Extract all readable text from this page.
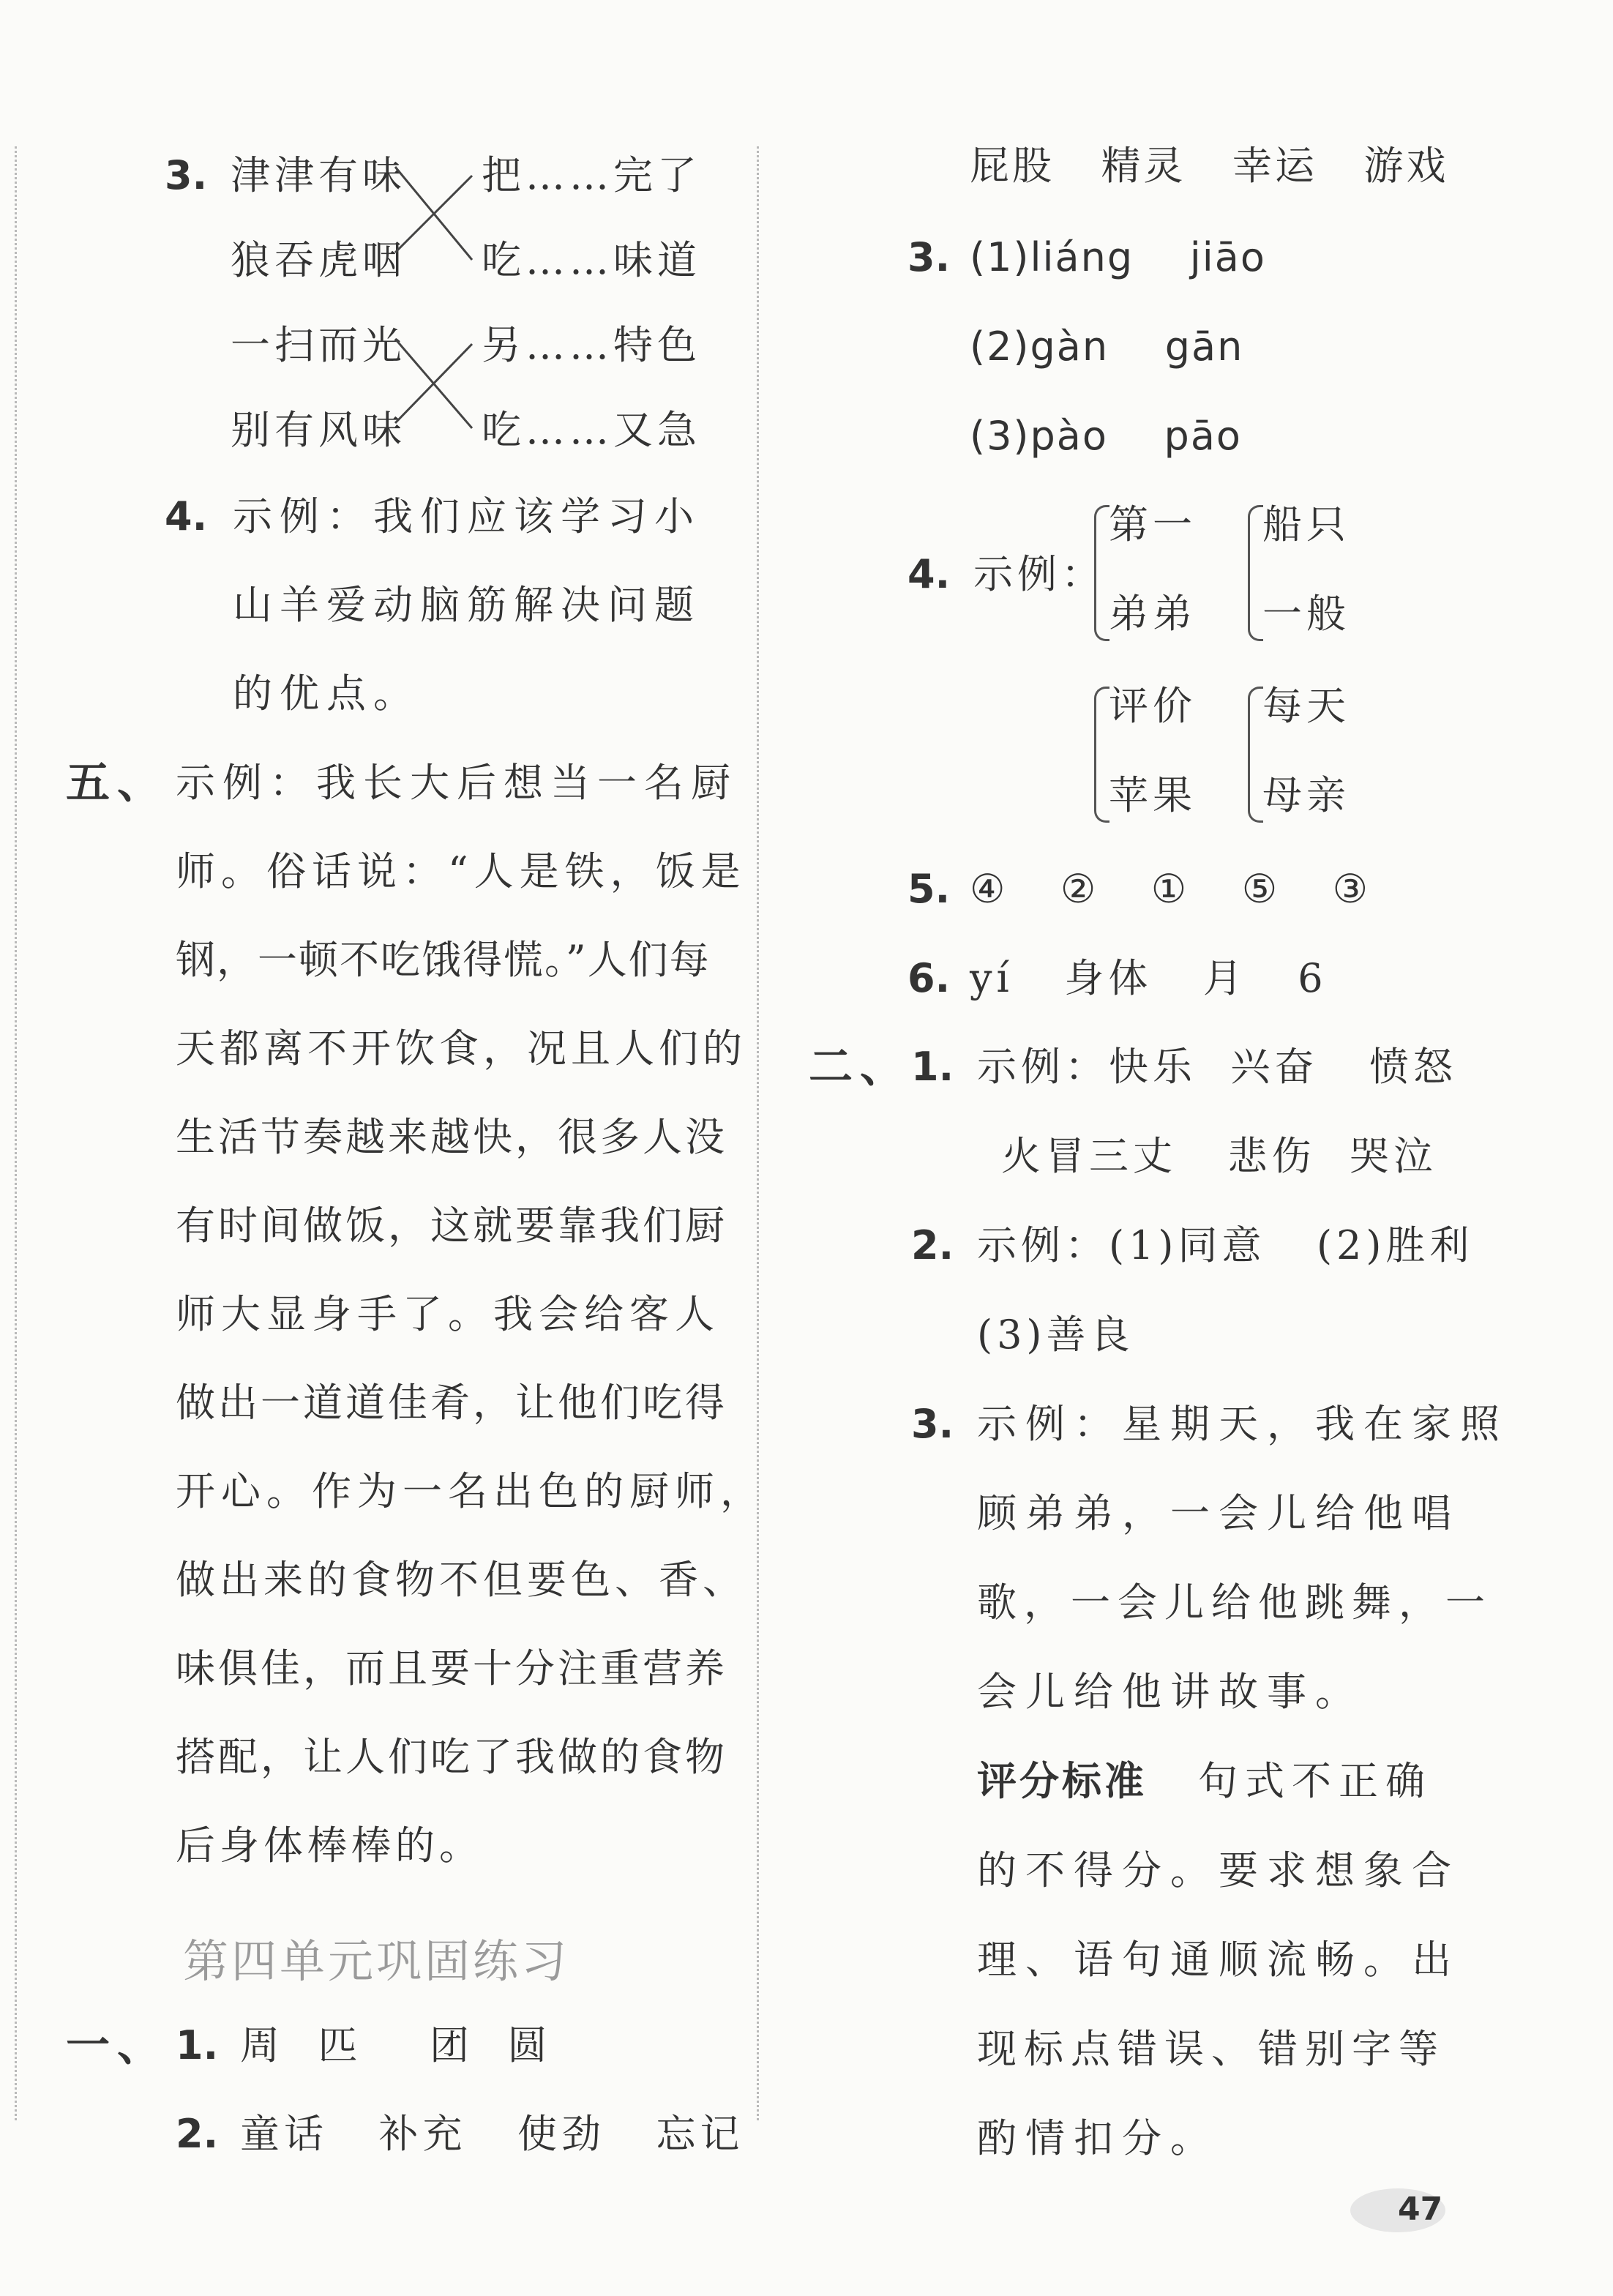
3. 津津有味
狼吞虎咽
一扫而光
别有风味
把……完了
吃……味道
另……特色
吃……又急
4. 示例：我们应该学习小
山羊爱动脑筋解决问题
的优点。
五、 示例：我长大后想当一名厨
师。俗话说：“人是铁，饭是
钢，一顿不吃饿得慌。”人们每
天都离不开饮食，况且人们的
生活节奏越来越快，很多人没
有时间做饭，这就要靠我们厨
师大显身手了。我会给客人
做出一道道佳肴，让他们吃得
开心。作为一名出色的厨师，
做出来的食物不但要色、香、
味俱佳，而且要十分注重营养
搭配，让人们吃了我做的食物
后身体棒棒的。
第四单元巩固练习
一、 1. 周  匹    团  圆
2. 童话   补充   使劲   忘记
屁股   精灵   幸运   游戏
3. (1)liáng    jiāo
(2)gàn    gān
(3)pào    pāo
4. 示例：
第一
弟弟
船只
一般
评价
苹果
每天
母亲
5. ④   ②   ①   ⑤   ③
6. yí   身体   月   6
二、 1. 示例：快乐  兴奋   愤怒
火冒三丈   悲伤  哭泣
2. 示例：(1)同意   (2)胜利
(3)善良
3. 示例：星期天，我在家照
顾弟弟，一会儿给他唱
歌，一会儿给他跳舞，一
会儿给他讲故事。
评分标准 句式不正确
的不得分。要求想象合
理、语句通顺流畅。出
现标点错误、错别字等
酌情扣分。
47
